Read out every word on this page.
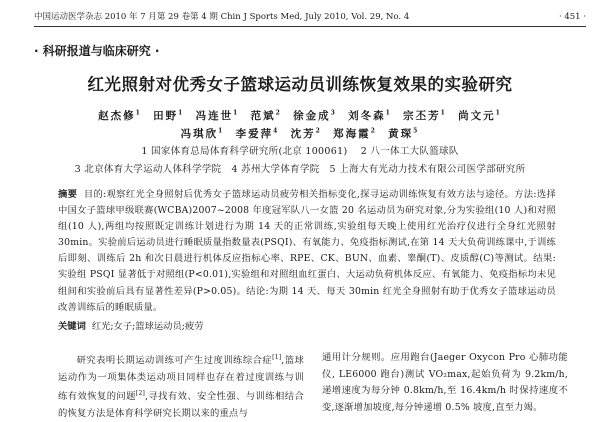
中国运动医学杂志 2010 年 7 月第 29 卷第 4 期 Chin J Sports Med, July 2010, Vol. 29, No. 4	· 451 ·
· 科研报道与临床研究 ·
红光照射对优秀女子篮球运动员训练恢复效果的实验研究
赵杰修$^1$ 田野$^1$ 冯连世$^1$ 范斌$^2$ 徐金成$^3$ 刘冬森$^1$ 宗丕芳$^1$ 尚文元$^1$
冯琪欣$^1$ 李爱萍$^4$ 沈芳$^2$ 郑海霞$^2$ 黄琛$^5$
1 国家体育总局体育科学研究所(北京 100061) 2 八一体工大队篮球队
3 北京体育大学运动人体科学学院 4 苏州大学体育学院 5 上海大有光动力技术有限公司医学部研究所
摘要 目的:观察红光全身照射后优秀女子篮球运动员疲劳相关指标变化,探寻运动训练恢复有效方法与途径。方法:选择中国女子篮球甲级联赛(WCBA)2007~2008 年度冠军队八一女篮 20 名运动员为研究对象,分为实验组(10 人)和对照组(10 人),两组均按照既定训练计划进行为期 14 天的正常训练,实验组每天晚上使用红光治疗仪进行全身红光照射 30min。实验前后运动员进行睡眠质量指数量表(PSQI)、有氧能力、免疫指标测试,在第 14 天大负荷训练课中,于训练后即刻、训练后 2h 和次日晨进行机体反应指标心率、RPE、CK、BUN、血素、睾酮(T)、皮质醇(C)等测试。结果:实验组 PSQI 显著低于对照组(P<0.01),实验组和对照组血红蛋白、大运动负荷机体反应、有氧能力、免疫指标均未见组间和实验前后具有显著性差异(P>0.05)。结论:为期 14 天、每天 30min 红光全身照射有助于优秀女子篮球运动员改善训练后的睡眠质量。
关键词 红光;女子;篮球运动员;疲劳
研究表明长期运动训练可产生过度训练综合症[1],篮球运动作为一项集体类运动项目同样也存在着过度训练与训练有效恢复的问题[2],寻找有效、安全性强、与训练相结合的恢复方法是体育科学研究长期以来的重点与
通用计分规则。应用跑台(Jaeger Oxycon Pro 心肺功能仪, LE6000 跑台)测试 VO₂max,起始负荷为 9.2km/h,递增速度为每分钟 0.8km/h,至 16.4km/h 时保持速度不变,逐渐增加坡度,每分钟递增 0.5% 坡度,直至力竭。
